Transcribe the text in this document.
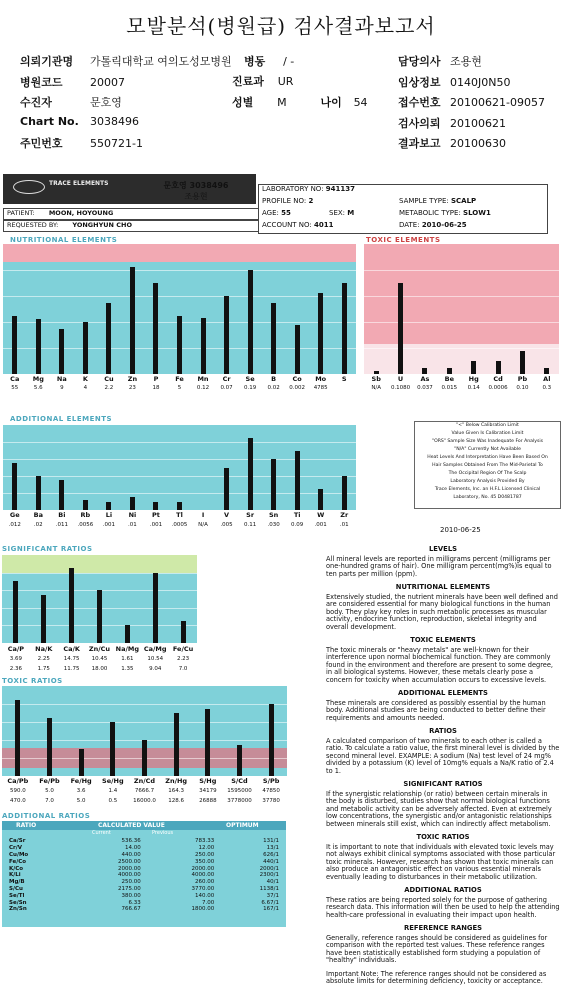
모발분석(병원급) 검사결과보고서
의뢰기관명 가톨릭대학교 여의도성모병원
병원코드 20007
수진자	문호영
Chart No. 3038496
주민번호 550721-1
병동 / -
진료과 UR
성별 M	나이 54
담당의사 조용현
임상정보 0140J0N50
접수번호 20100621-09057
검사의뢰 20100621
결과보고 20100630
TRACE ELEMENTS	문호영 3038496
조용현
LABORATORY NO: 941137
PROFILE NO: 2	SAMPLE TYPE: SCALP
AGE: 55	SEX: M	METABOLIC TYPE: SLOW1
ACCOUNT NO: 4011	DATE: 2010-06-25
PATIENT: MOON, HOYOUNG
REQUESTED BY: YONGHYUN CHO
NUTRITIONAL ELEMENTS
Ca	Mg	Na	K	Cu	Zn	P	Fe	Mn	Cr	Se	B	Co	Mo	S
55	5.6	9	4	2.2	23	18	5	0.12	0.07	0.19	0.02	0.002	4785
TOXIC ELEMENTS
Sb	U	As	Be	Hg	Cd	Pb	Al
N/A	0.1080	0.037	0.015	0.14	0.0006	0.10	0.3
ADDITIONAL ELEMENTS
Ge	Ba	Bi	Rb	Li	Ni	Pt	Tl	I	V	Sr	Sn	Ti	W	Zr
.012	.02	.011	.0056	.001	.01	.001	.0005	N/A	.005	0.11	.030	0.09	.001	.01
"<" Below Calibration Limit
Value Given Is Calibration Limit
"ORS" Sample Size Was Inadequate For Analysis
"N/A" Currently Not Available
Heat Levels And Interpretation Have Been Based On
Hair Samples Obtained From The Mid-Parietal To
The Occipital Region Of The Scalp
Laboratory Analysis Provided By
Trace Elements, Inc. an H.F.L Licensed Clinical
Laboratory, No. 45 D0481787
2010-06-25
LEVELS

All mineral levels are reported in milligrams percent (milligrams per one-hundred grams of hair). One milligram percent(mg%)is equal to ten parts per million (ppm).

NUTRITIONAL ELEMENTS

Extensively studied, the nutrient minerals have been well defined and are considered essential for many biological functions in the human body. They play key roles in such metabolic processes as muscular activity, endocrine function, reproduction, skeletal integrity and overall development.

TOXIC ELEMENTS

The toxic minerals or "heavy metals" are well-known for their interference upon normal biochemical function. They are commonly found in the environment and therefore are present to some degree, in all biological systems. However, these metals clearly pose a concern for toxicity when accumulation occurs to excessive levels.

ADDITIONAL ELEMENTS

These minerals are considered as possibly essential by the human body. Additional studies are being conducted to better define their requirements and amounts needed.

RATIOS

A calculated comparison of two minerals to each other is called a ratio. To calculate a ratio value, the first mineral level is divided by the second mineral level. EXAMPLE: A sodium (Na) test level of 24 mg% divided by a potassium (K) level of 10mg% equals a Na/K ratio of 2.4 to 1.

SIGNIFICANT RATIOS

If the synergistic relationship (or ratio) between certain minerals in the body is disturbed, studies show that normal biological functions and metabolic activity can be adversely affected. Even at extremely low concentrations, the synergistic and/or antagonistic relationships between minerals still exist, which can indirectly affect metabolism.

TOXIC RATIOS

It is important to note that individuals with elevated toxic levels may not always exhibit clinical symptoms associated with those particular toxic minerals. However, research has shown that toxic minerals can also produce an antagonistic effect on various essential minerals eventually leading to disturbances in their metabolic utilization.

ADDITIONAL RATIOS

These ratios are being reported solely for the purpose of gathering research data. This information will then be used to help the attending health-care professional in evaluating their impact upon health.

REFERENCE RANGES

Generally, reference ranges should be considered as guidelines for comparison with the reported test values. These reference ranges have been statistically established form studying a population of "healthy" individuals.

Important Note: The reference ranges should not be considered as absolute limits for determining deficiency, toxicity or acceptance.

SIGNIFICANT RATIOS
Ca/P	Na/K	Ca/K	Zn/Cu Na/Mg Ca/Mg Fe/Cu
3.69	2.25	14.75	10.45	1.61	10.54	2.23
2.36	1.75	11.75	18.00	1.35	9.04	7.0
TOXIC RATIOS
Ca/Pb	Fe/Pb	Fe/Hg	Se/Hg	Zn/Cd	Zn/Hg	S/Hg	S/Cd	S/Pb
590.0	5.0	3.6	1.4	7666.7	164.3	34179	1595000	47850
470.0	7.0	5.0	0.5	16000.0	128.6	26888	3778000	37780
ADDITIONAL RATIOS
RATIO	CALCULATED VALUE	OPTIMUM
Current	Previous
Ca/Sr	536.36	783.33	131/1
Cr/V	14.00	12.00	13/1
Cu/Mo	440.00	250.00	626/1
Fe/Co	2500.00	350.00	440/1
K/Co	2000.00	2000.00	2000/1
K/Li	4000.00	4000.00	2300/1
Mg/B	250.00	260.00	40/1
S/Cu	2175.00	3770.00	1138/1
Se/Tl	380.00	140.00	37/1
Se/Sn	6.33	7.00	6.67/1
Zn/Sn	766.67	1800.00	167/1
